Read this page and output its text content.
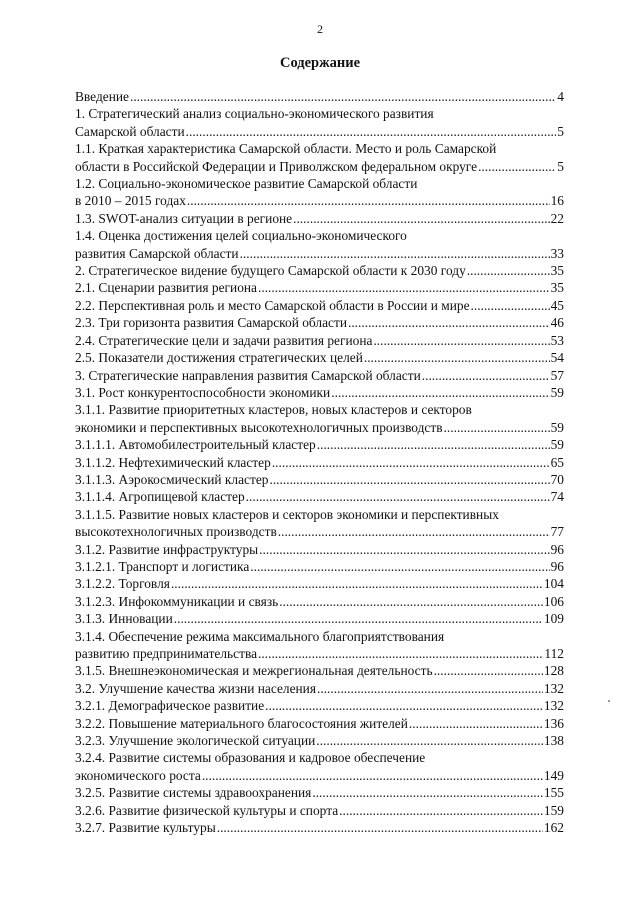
2
Содержание
Введение .....	4
1. Стратегический анализ социально-экономического развития
Самарской области .....	5
1.1. Краткая характеристика Самарской области. Место и роль Самарской
области в Российской Федерации и Приволжском федеральном округе .....	5
1.2. Социально-экономическое развитие Самарской области
в 2010 – 2015 годах .....	16
1.3. SWOT-анализ ситуации в регионе .....	22
1.4. Оценка достижения целей социально-экономического
развития Самарской области .....	33
2. Стратегическое видение будущего Самарской области к 2030 году .....	35
2.1. Сценарии развития региона .....	35
2.2. Перспективная роль и место Самарской области в России и мире .....	45
2.3. Три горизонта развития Самарской области .....	46
2.4. Стратегические цели и задачи развития региона .....	53
2.5. Показатели достижения стратегических целей .....	54
3. Стратегические направления развития Самарской области .....	57
3.1. Рост конкурентоспособности экономики .....	59
3.1.1. Развитие приоритетных кластеров, новых кластеров и секторов
экономики и перспективных высокотехнологичных производств .....	59
3.1.1.1. Автомобилестроительный кластер .....	59
3.1.1.2. Нефтехимический кластер .....	65
3.1.1.3. Аэрокосмический кластер .....	70
3.1.1.4. Агропищевой кластер .....	74
3.1.1.5. Развитие новых кластеров и секторов экономики и перспективных
высокотехнологичных производств .....	77
3.1.2. Развитие инфраструктуры .....	96
3.1.2.1. Транспорт и логистика .....	96
3.1.2.2. Торговля .....	104
3.1.2.3. Инфокоммуникации и связь .....	106
3.1.3. Инновации .....	109
3.1.4. Обеспечение режима максимального благоприятствования
развитию предпринимательства .....	112
3.1.5. Внешнеэкономическая и межрегиональная деятельность .....	128
3.2. Улучшение качества жизни населения .....	132
3.2.1. Демографическое развитие .....	132
3.2.2. Повышение материального благосостояния жителей .....	136
3.2.3. Улучшение экологической ситуации .....	138
3.2.4. Развитие системы образования и кадровое обеспечение
экономического роста .....	149
3.2.5. Развитие системы здравоохранения .....	155
3.2.6. Развитие физической культуры и спорта .....	159
3.2.7. Развитие культуры .....	162
